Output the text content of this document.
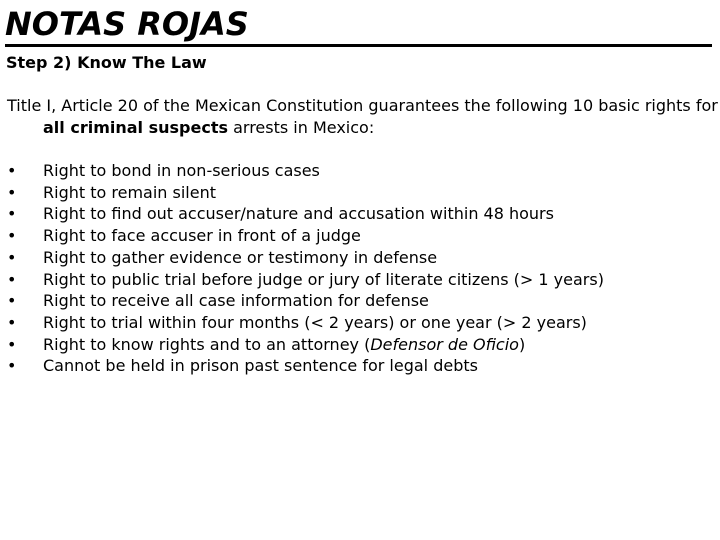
NOTAS ROJAS
Step 2) Know The Law

Title I, Article 20 of the Mexican Constitution guarantees the following 10 basic rights for all criminal suspects arrests in Mexico:

• Right to bond in non-serious cases
• Right to remain silent
• Right to find out accuser/nature and accusation within 48 hours
• Right to face accuser in front of a judge
• Right to gather evidence or testimony in defense
• Right to public trial before judge or jury of literate citizens (> 1 years)
• Right to receive all case information for defense
• Right to trial within four months (< 2 years) or one year (> 2 years)
• Right to know rights and to an attorney (Defensor de Oficio)
• Cannot be held in prison past sentence for legal debts
